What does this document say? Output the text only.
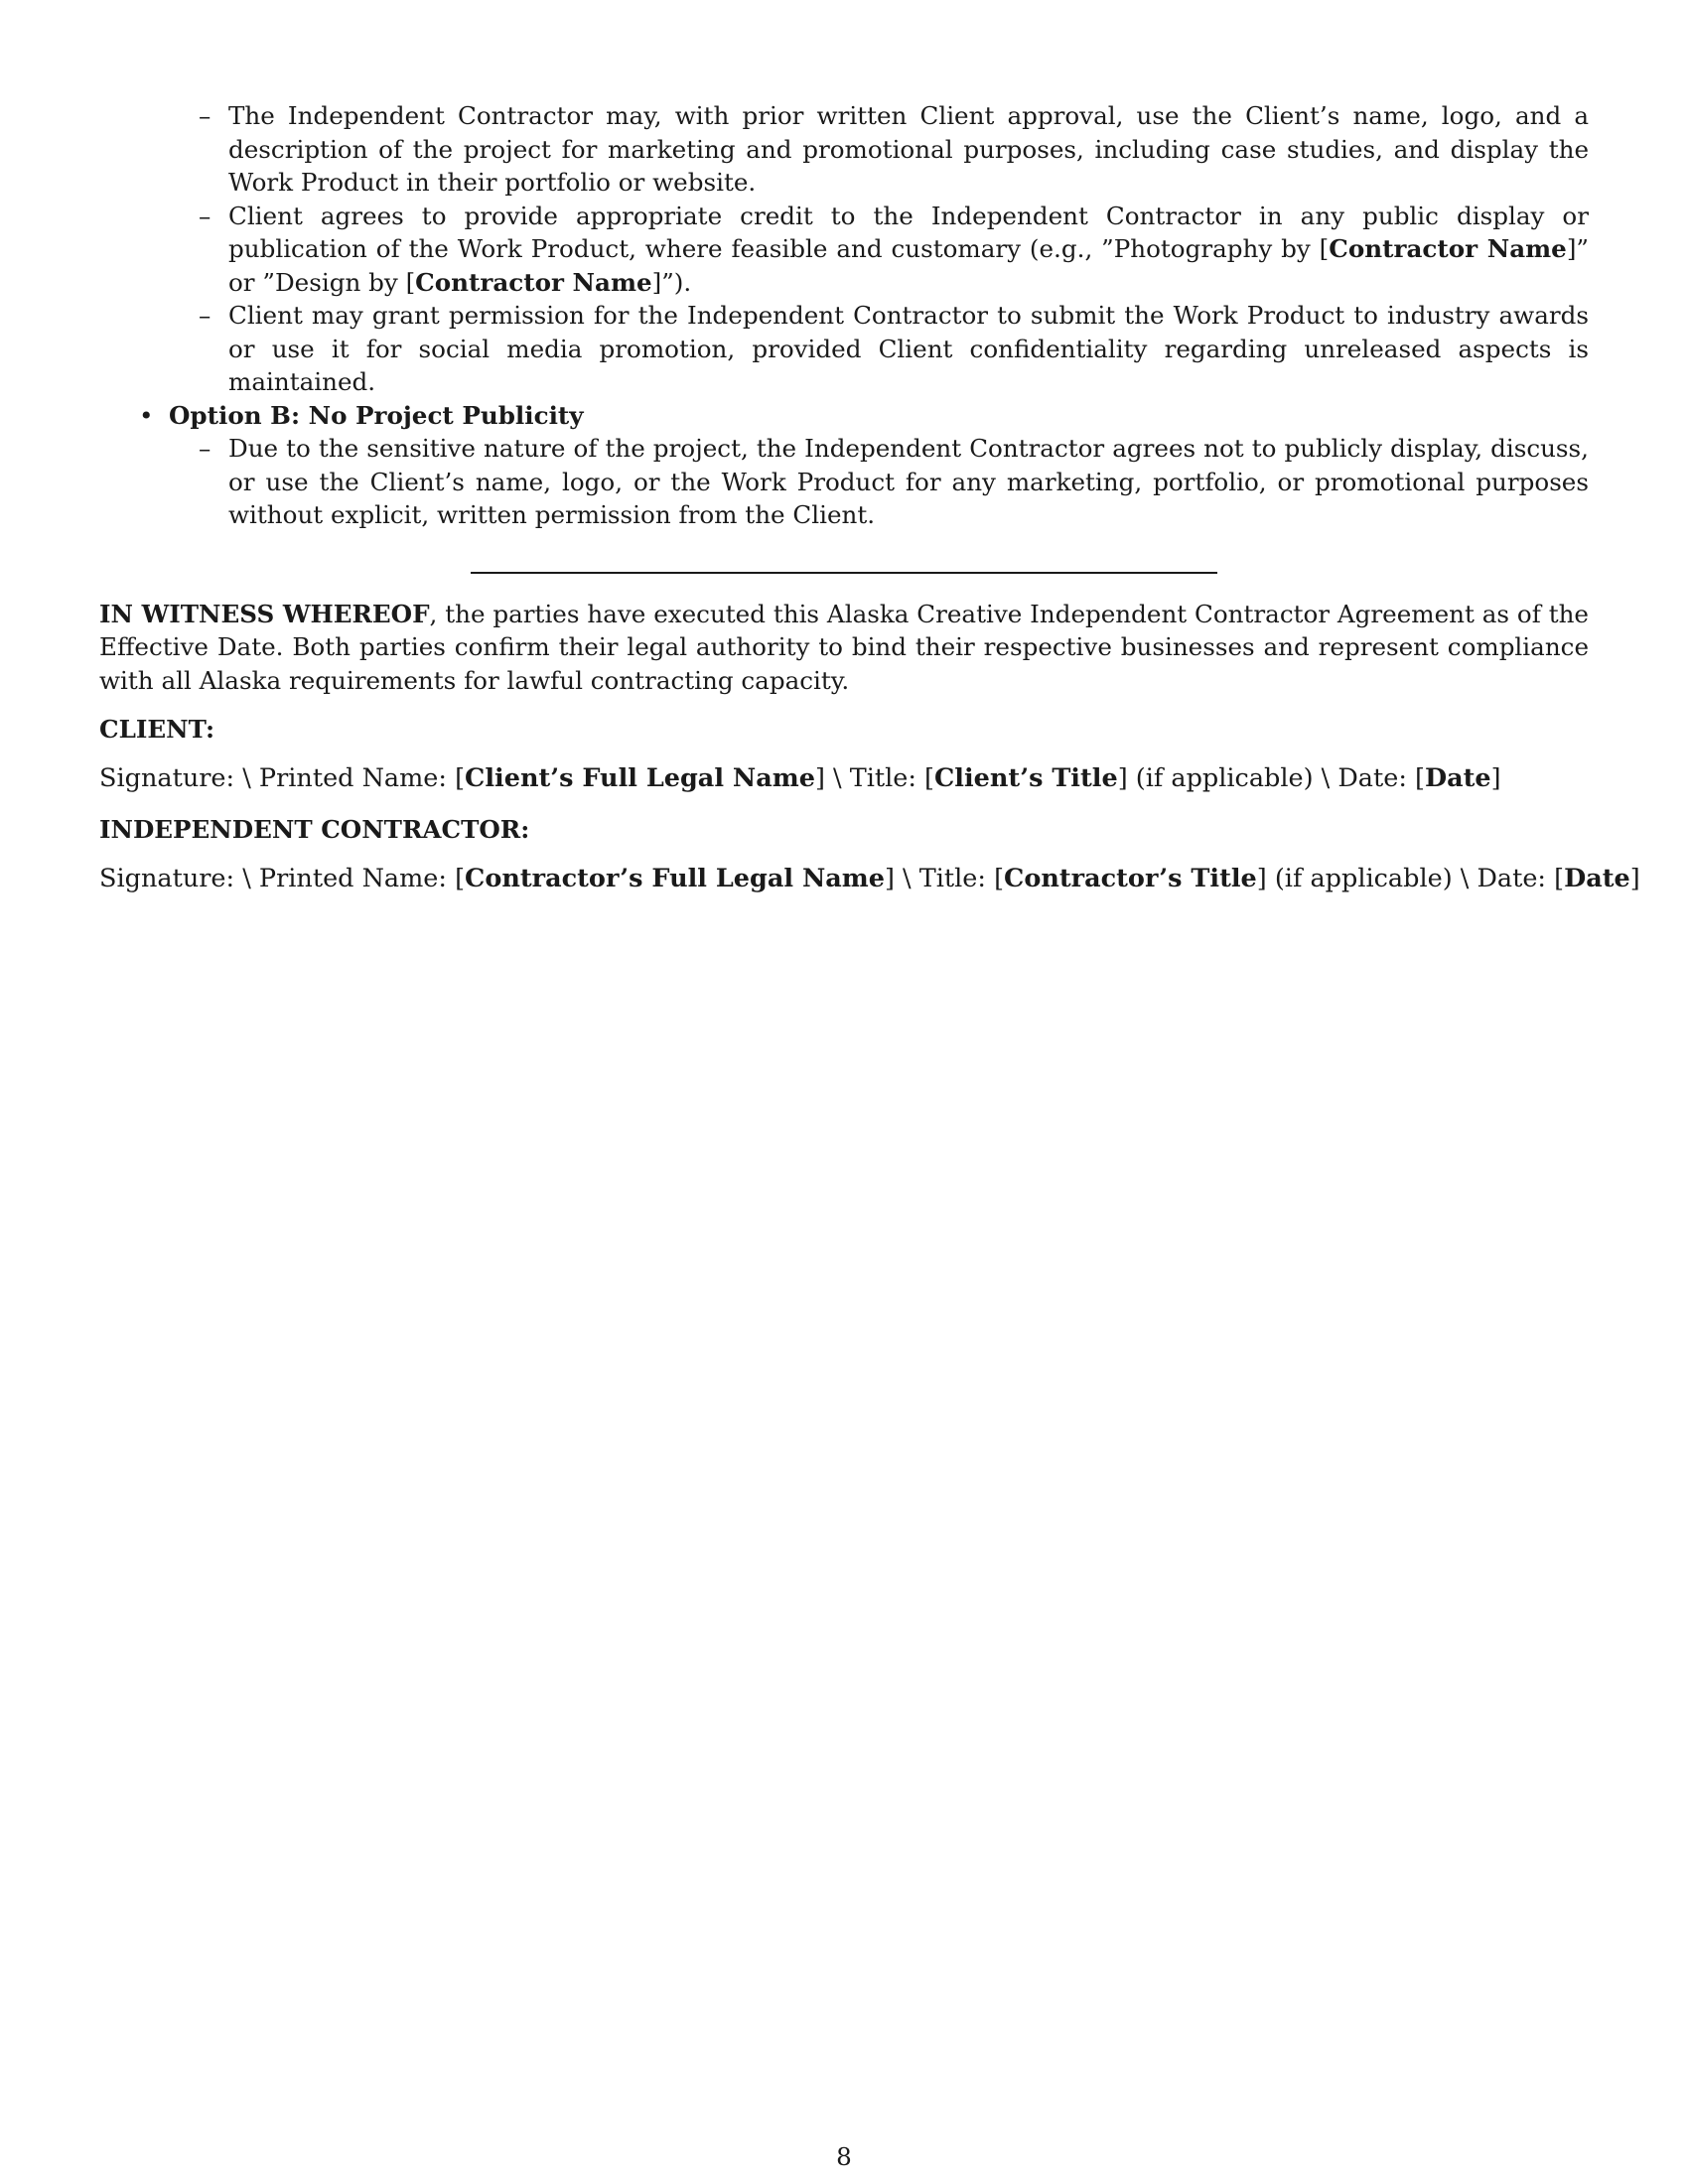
– The Independent Contractor may, with prior written Client approval, use the Client’s name, logo, and a description of the project for marketing and promotional purposes, including case studies, and display the Work Product in their portfolio or website.
– Client agrees to provide appropriate credit to the Independent Contractor in any public display or publication of the Work Product, where feasible and customary (e.g., ”Photography by [Contractor Name]” or ”Design by [Contractor Name]”).
– Client may grant permission for the Independent Contractor to submit the Work Product to industry awards or use it for social media promotion, provided Client confidentiality regarding unreleased aspects is maintained.
• Option B: No Project Publicity
– Due to the sensitive nature of the project, the Independent Contractor agrees not to publicly display, discuss, or use the Client’s name, logo, or the Work Product for any marketing, portfolio, or promotional purposes without explicit, written permission from the Client.

IN WITNESS WHEREOF, the parties have executed this Alaska Creative Independent Contractor Agreement as of the Effective Date. Both parties confirm their legal authority to bind their respective businesses and represent compliance with all Alaska requirements for lawful contracting capacity.

CLIENT:

Signature: \ Printed Name: [Client’s Full Legal Name] \ Title: [Client’s Title] (if applicable) \ Date: [Date]

INDEPENDENT CONTRACTOR:

Signature: \ Printed Name: [Contractor’s Full Legal Name] \ Title: [Contractor’s Title] (if applicable) \ Date: [Date]

8
